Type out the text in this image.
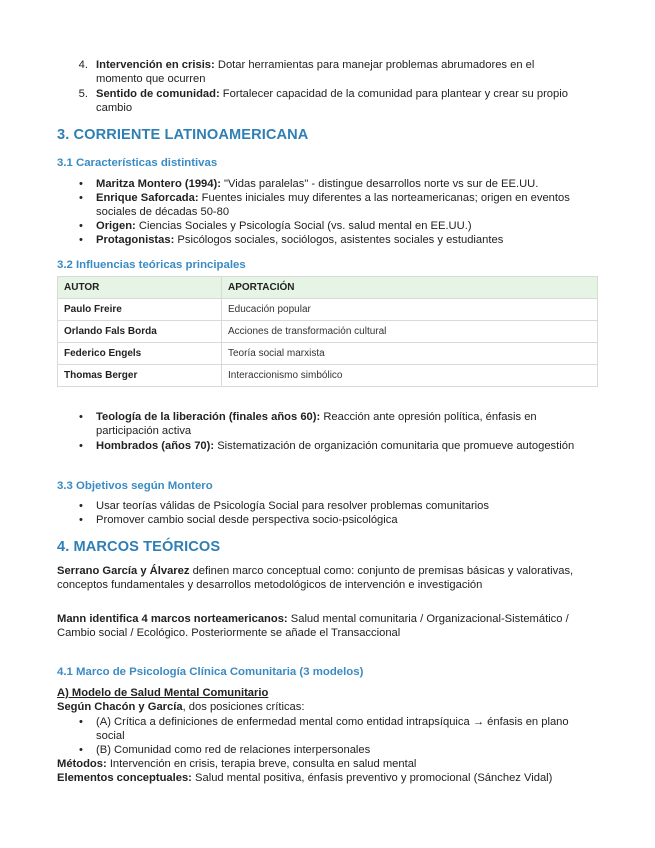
4. Intervención en crisis: Dotar herramientas para manejar problemas abrumadores en el momento que ocurren
5. Sentido de comunidad: Fortalecer capacidad de la comunidad para plantear y crear su propio cambio
3. CORRIENTE LATINOAMERICANA
3.1 Características distintivas
• Maritza Montero (1994): "Vidas paralelas" - distingue desarrollos norte vs sur de EE.UU.
• Enrique Saforcada: Fuentes iniciales muy diferentes a las norteamericanas; origen en eventos sociales de décadas 50-80
• Origen: Ciencias Sociales y Psicología Social (vs. salud mental en EE.UU.)
• Protagonistas: Psicólogos sociales, sociólogos, asistentes sociales y estudiantes
3.2 Influencias teóricas principales
AUTOR	APORTACIÓN
Paulo Freire	Educación popular
Orlando Fals Borda	Acciones de transformación cultural
Federico Engels	Teoría social marxista
Thomas Berger	Interaccionismo simbólico
• Teología de la liberación (finales años 60): Reacción ante opresión política, énfasis en participación activa
• Hombrados (años 70): Sistematización de organización comunitaria que promueve autogestión
3.3 Objetivos según Montero
• Usar teorías válidas de Psicología Social para resolver problemas comunitarios
• Promover cambio social desde perspectiva socio-psicológica
4. MARCOS TEÓRICOS
Serrano García y Álvarez definen marco conceptual como: conjunto de premisas básicas y valorativas, conceptos fundamentales y desarrollos metodológicos de intervención e investigación
Mann identifica 4 marcos norteamericanos: Salud mental comunitaria / Organizacional-Sistemático / Cambio social / Ecológico. Posteriormente se añade el Transaccional
4.1 Marco de Psicología Clínica Comunitaria (3 modelos)
A) Modelo de Salud Mental Comunitario
Según Chacón y García, dos posiciones críticas:
• (A) Crítica a definiciones de enfermedad mental como entidad intrapsíquica → énfasis en plano social
• (B) Comunidad como red de relaciones interpersonales
Métodos: Intervención en crisis, terapia breve, consulta en salud mental
Elementos conceptuales: Salud mental positiva, énfasis preventivo y promocional (Sánchez Vidal)
